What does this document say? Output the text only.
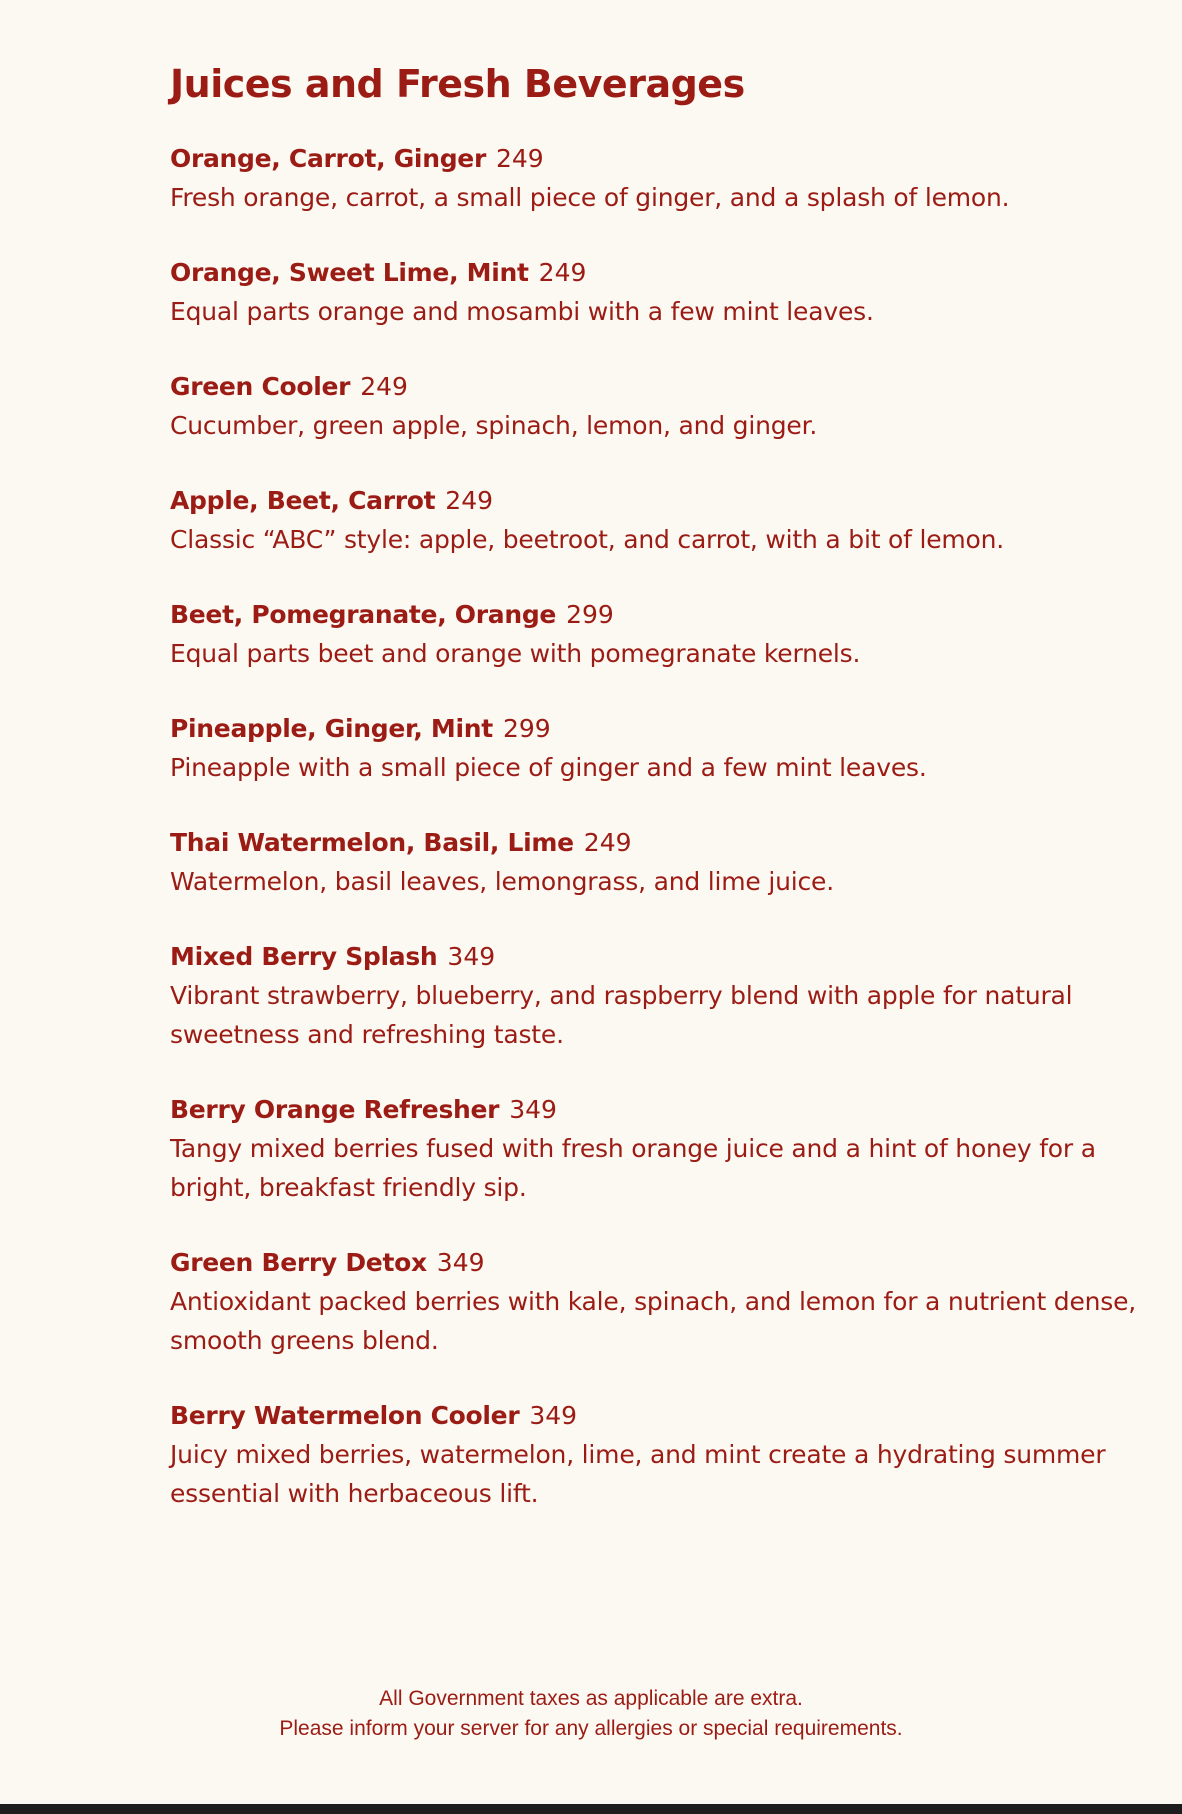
Juices and Fresh Beverages
Orange, Carrot, Ginger 249
Fresh orange, carrot, a small piece of ginger, and a splash of lemon.
Orange, Sweet Lime, Mint 249
Equal parts orange and mosambi with a few mint leaves.
Green Cooler 249
Cucumber, green apple, spinach, lemon, and ginger.
Apple, Beet, Carrot 249
Classic “ABC” style: apple, beetroot, and carrot, with a bit of lemon.
Beet, Pomegranate, Orange 299
Equal parts beet and orange with pomegranate kernels.
Pineapple, Ginger, Mint 299
Pineapple with a small piece of ginger and a few mint leaves.
Thai Watermelon, Basil, Lime 249
Watermelon, basil leaves, lemongrass, and lime juice.
Mixed Berry Splash 349
Vibrant strawberry, blueberry, and raspberry blend with apple for natural sweetness and refreshing taste.
Berry Orange Refresher 349
Tangy mixed berries fused with fresh orange juice and a hint of honey for a bright, breakfast friendly sip.
Green Berry Detox 349
Antioxidant packed berries with kale, spinach, and lemon for a nutrient dense, smooth greens blend.
Berry Watermelon Cooler 349
Juicy mixed berries, watermelon, lime, and mint create a hydrating summer essential with herbaceous lift.
All Government taxes as applicable are extra.
Please inform your server for any allergies or special requirements.
